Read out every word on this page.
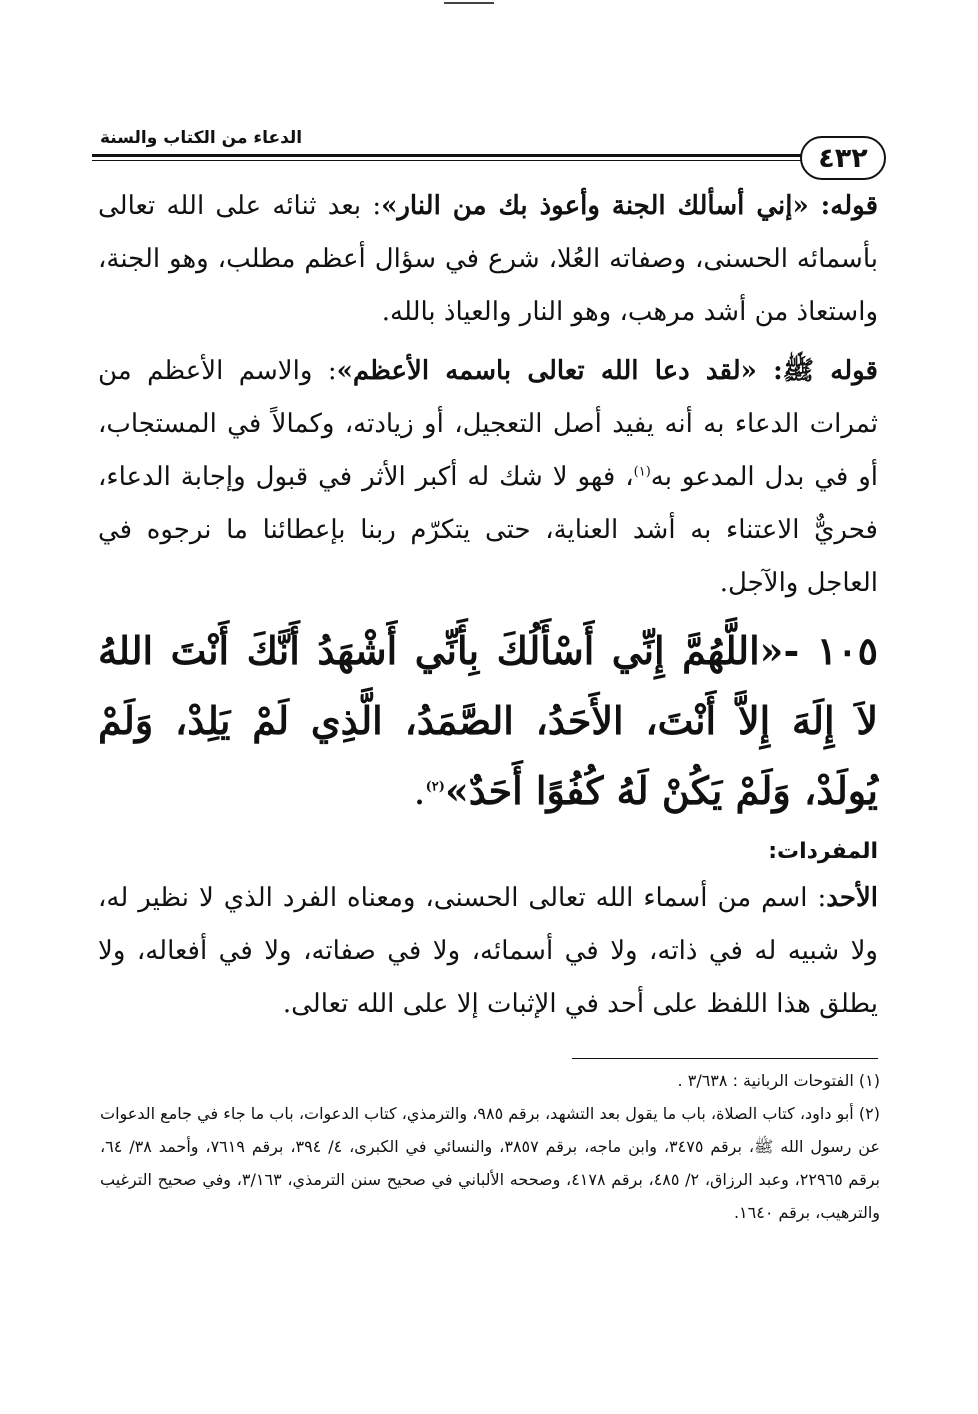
الدعاء من الكتاب والسنة
٤٣٢

قوله: «إني أسألك الجنة وأعوذ بك من النار»: بعد ثنائه على الله تعالى بأسمائه الحسنى، وصفاته العُلا، شرع في سؤال أعظم مطلب، وهو الجنة، واستعاذ من أشد مرهب، وهو النار والعياذ بالله.

قوله ﷺ: «لقد دعا الله تعالى باسمه الأعظم»: والاسم الأعظم من ثمرات الدعاء به أنه يفيد أصل التعجيل، أو زيادته، وكمالاً في المستجاب، أو في بدل المدعو به$^{(١)}$، فهو لا شك له أكبر الأثر في قبول وإجابة الدعاء، فحريٌّ الاعتناء به أشد العناية، حتى يتكرّم ربنا بإعطائنا ما نرجوه في العاجل والآجل.

١٠٥ -«اللَّهُمَّ إِنِّي أَسْأَلُكَ بِأَنِّي أَشْهَدُ أَنَّكَ أَنْتَ اللهُ لاَ إِلَهَ إِلاَّ أَنْتَ، الأَحَدُ، الصَّمَدُ، الَّذِي لَمْ يَلِدْ، وَلَمْ يُولَدْ، وَلَمْ يَكُنْ لَهُ كُفُوًا أَحَدٌ»$^{(٢)}$.

المفردات:

الأحد: اسم من أسماء الله تعالى الحسنى، ومعناه الفرد الذي لا نظير له، ولا شبيه له في ذاته، ولا في أسمائه، ولا في صفاته، ولا في أفعاله، ولا يطلق هذا اللفظ على أحد في الإثبات إلا على الله تعالى.

(١) الفتوحات الربانية : ٣/٦٣٨ .

(٢) أبو داود، كتاب الصلاة، باب ما يقول بعد التشهد، برقم ٩٨٥، والترمذي، كتاب الدعوات، باب ما جاء في جامع الدعوات عن رسول الله ﷺ، برقم ٣٤٧٥، وابن ماجه، برقم ٣٨٥٧، والنسائي في الكبرى، ٤/ ٣٩٤، برقم ٧٦١٩، وأحمد ٣٨/ ٦٤، برقم ٢٢٩٦٥، وعبد الرزاق، ٢/ ٤٨٥، برقم ٤١٧٨، وصححه الألباني في صحيح سنن الترمذي، ٣/١٦٣، وفي صحيح الترغيب والترهيب، برقم ١٦٤٠.
